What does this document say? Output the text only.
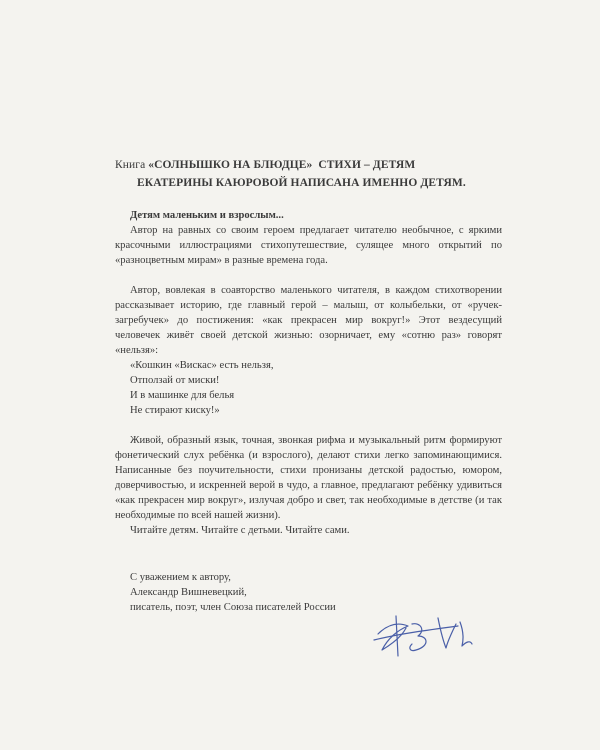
Книга «СОЛНЫШКО НА БЛЮДЦЕ»  СТИХИ – ДЕТЯМ
ЕКАТЕРИНЫ КАЮРОВОЙ НАПИСАНА ИМЕННО ДЕТЯМ.

Детям маленьким и взрослым...

Автор на равных со своим героем предлагает читателю необычное, с яркими красочными иллюстрациями стихопутешествие, сулящее много открытий по «разноцветным мирам» в разные времена года.

Автор, вовлекая в соавторство маленького читателя, в каждом стихотворении рассказывает историю, где главный герой – малыш, от колыбельки, от «ручек-загребучек» до постижения: «как прекрасен мир вокруг!» Этот вездесущий человечек живёт своей детской жизнью: озорничает, ему «сотню раз» говорят «нельзя»:

«Кошкин «Вискас» есть нельзя,

Отползай от миски!

И в машинке для белья

Не стирают киску!»

Живой, образный язык, точная, звонкая рифма и музыкальный ритм формируют фонетический слух ребёнка (и взрослого), делают стихи легко запоминающимися. Написанные без поучительности, стихи пронизаны детской радостью, юмором, доверчивостью, и искренней верой в чудо, а главное, предлагают ребёнку удивиться «как прекрасен мир вокруг», излучая добро и свет, так необходимые в детстве (и так необходимые по всей нашей жизни).

Читайте детям. Читайте с детьми. Читайте сами.

С уважением к автору,
Александр Вишневецкий,
писатель, поэт, член Союза писателей России
